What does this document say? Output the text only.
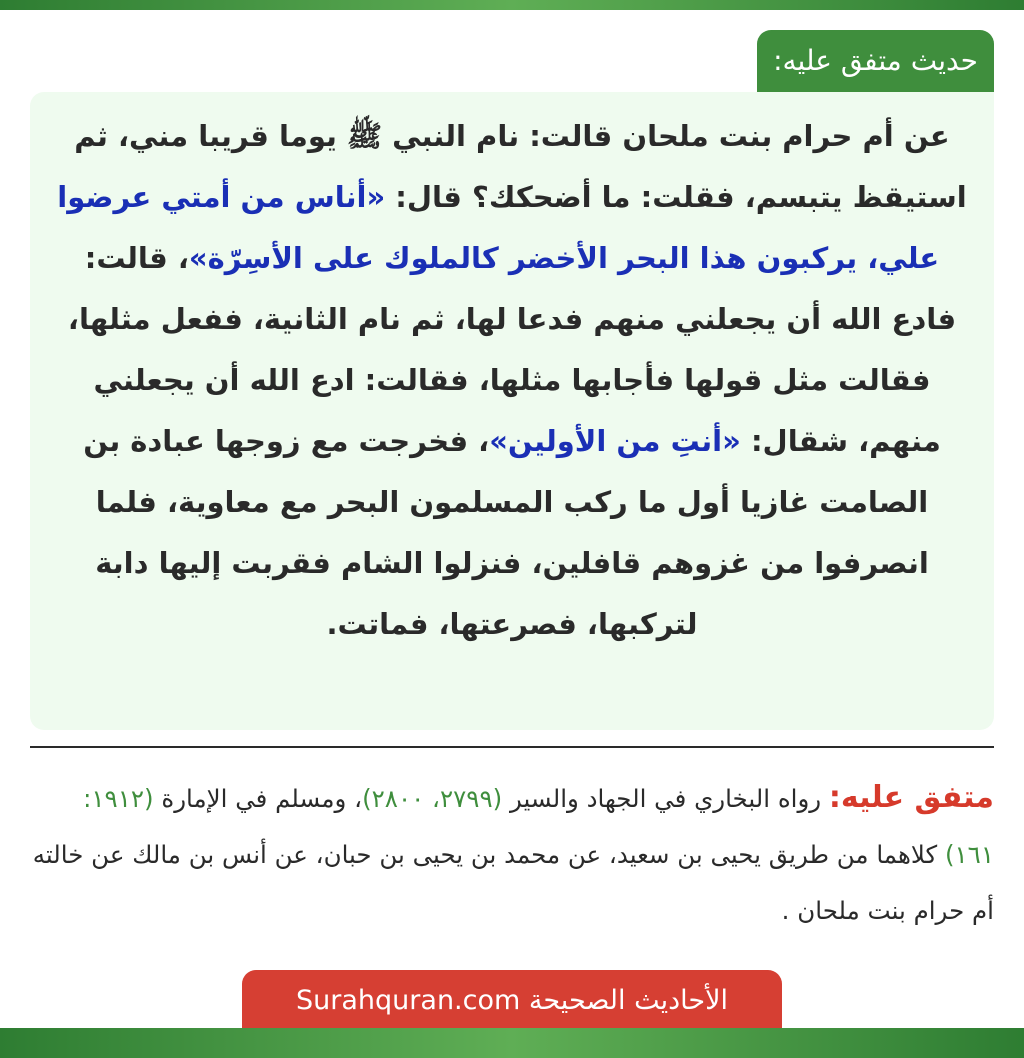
حديث متفق عليه:

عن أم حرام بنت ملحان قالت: نام النبي ﷺ يوما قريبا مني، ثم استيقظ يتبسم، فقلت: ما أضحكك؟ قال: «أناس من أمتي عرضوا علي، يركبون هذا البحر الأخضر كالملوك على الأسِرّة»، قالت: فادع الله أن يجعلني منهم فدعا لها، ثم نام الثانية، ففعل مثلها، فقالت مثل قولها فأجابها مثلها، فقالت: ادع الله أن يجعلني منهم، شقال: «أنتِ من الأولين»، فخرجت مع زوجها عبادة بن الصامت غازيا أول ما ركب المسلمون البحر مع معاوية، فلما انصرفوا من غزوهم قافلين، فنزلوا الشام فقربت إليها دابة لتركبها، فصرعتها، فماتت.

متفق عليه: رواه البخاري في الجهاد والسير (٢٧٩٩، ٢٨٠٠)، ومسلم في الإمارة (١٩١٢: ١٦١) كلاهما من طريق يحيى بن سعيد، عن محمد بن يحيى بن حبان، عن أنس بن مالك عن خالته أم حرام بنت ملحان .

الأحاديث الصحيحة Surahquran.com
